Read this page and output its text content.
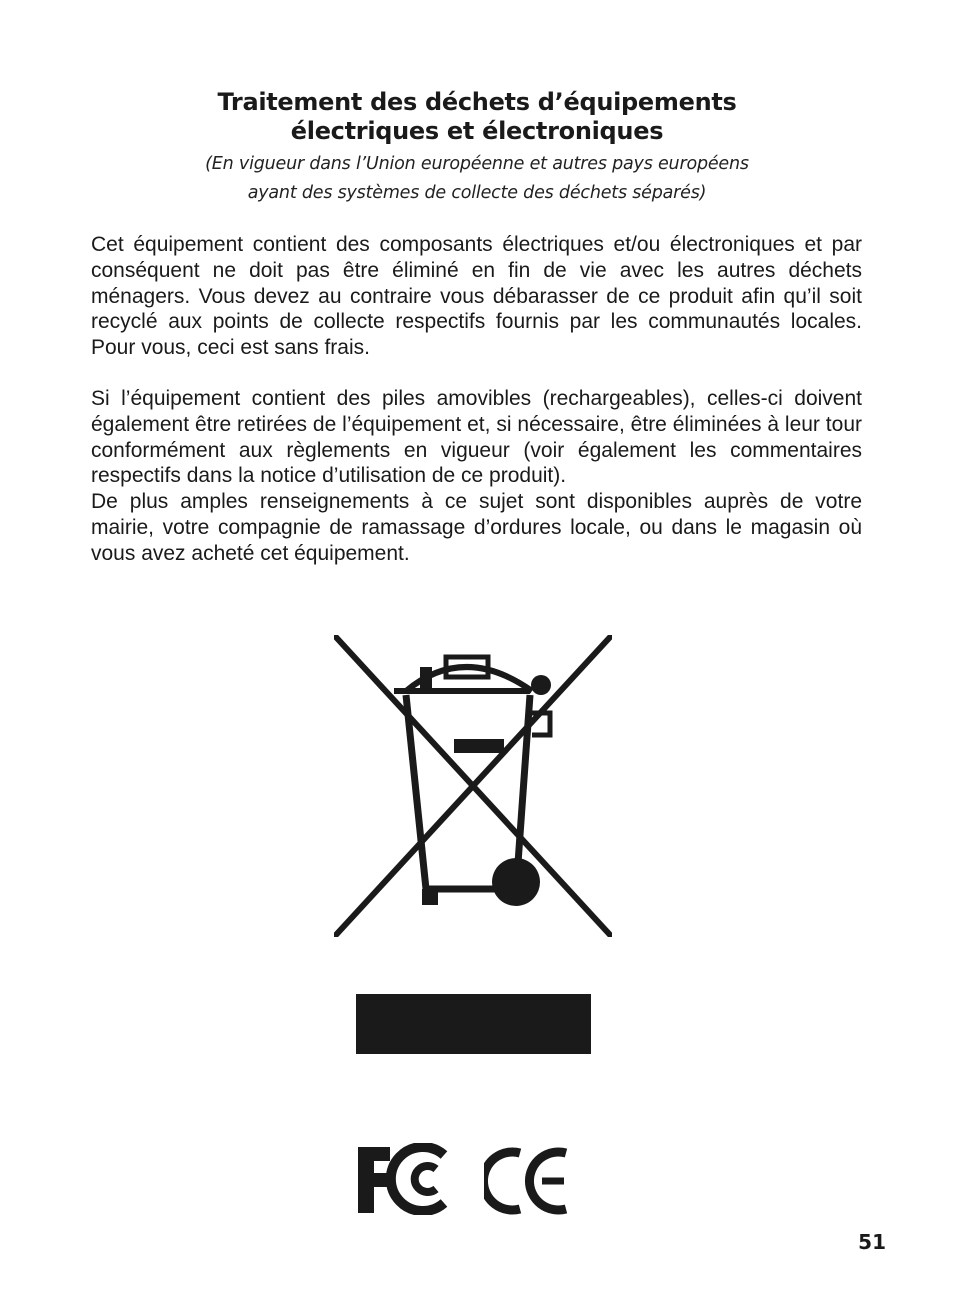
Traitement des déchets d’équipements
électriques et électroniques
(En vigueur dans l’Union européenne et autres pays européens
ayant des systèmes de collecte des déchets séparés)

Cet équipement contient des composants électriques et/ou électroniques et par conséquent ne doit pas être éliminé en fin de vie avec les autres déchets ménagers. Vous devez au contraire vous débarasser de ce produit afin qu’il soit recyclé aux points de collecte respectifs fournis par les communautés locales. Pour vous, ceci est sans frais.

Si l’équipement contient des piles amovibles (rechargeables), celles-ci doivent également être retirées de l’équipement et, si nécessaire, être éliminées à leur tour conformément aux règlements en vigueur (voir également les commentaires respectifs dans la notice d’utilisation de ce produit).

De plus amples renseignements à ce sujet sont disponibles auprès de votre mairie, votre compagnie de ramassage d’ordures locale, ou dans le magasin où vous avez acheté cet équipement.

51
